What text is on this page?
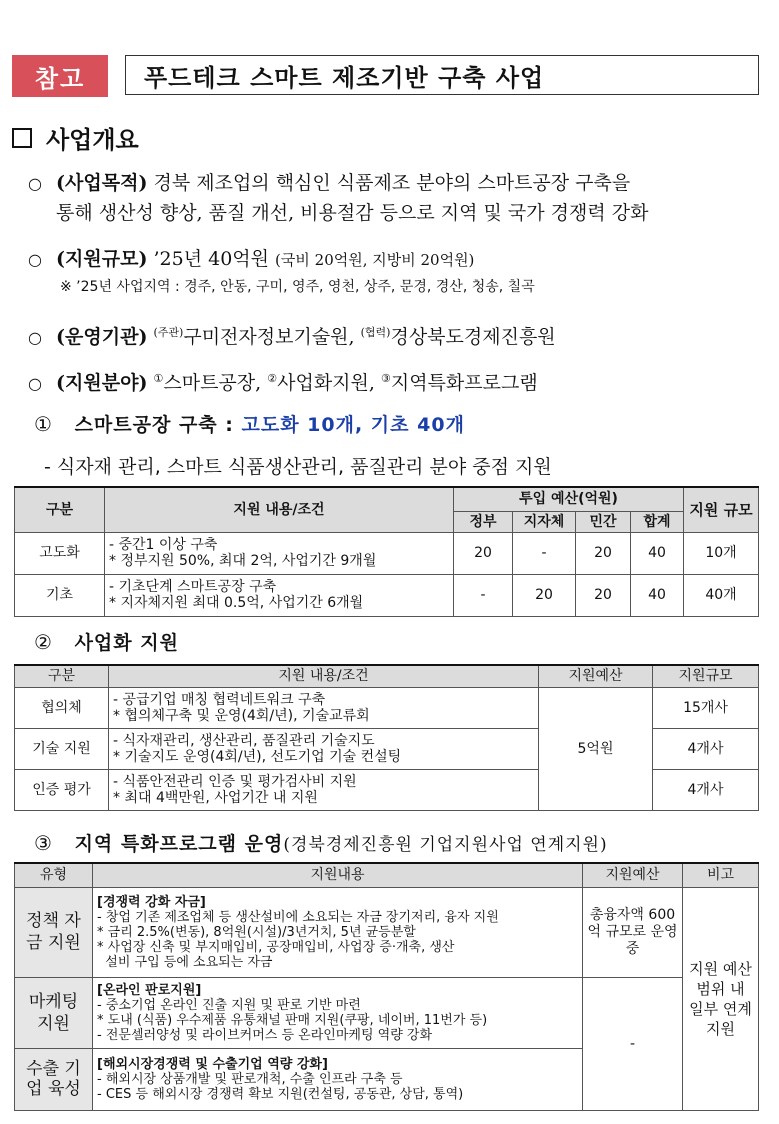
참고	푸드테크 스마트 제조기반 구축 사업
사업개요
○ (사업목적) 경북 제조업의 핵심인 식품제조 분야의 스마트공장 구축을
통해 생산성 향상, 품질 개선, 비용절감 등으로 지역 및 국가 경쟁력 강화
○ (지원규모) ’25년 40억원 (국비 20억원, 지방비 20억원)
※ ’25년 사업지역 : 경주, 안동, 구미, 영주, 영천, 상주, 문경, 경산, 청송, 칠곡
○ (운영기관) $^{(주관)}$구미전자정보기술원, $^{(협력)}$경상북도경제진흥원
○ (지원분야) ①스마트공장, ②사업화지원, ③지역특화프로그램
① 스마트공장 구축 : 고도화 10개, 기초 40개
- 식자재 관리, 스마트 식품생산관리, 품질관리 분야 중점 지원
구분	지원 내용/조건	투입 예산(억원)				지원 규모
		정부	지자체	민간	합계	
고도화	- 중간1 이상 구축
* 정부지원 50%, 최대 2억, 사업기간 9개월	20	-	20	40	10개
기초	- 기초단계 스마트공장 구축
* 지자체지원 최대 0.5억, 사업기간 6개월	-	20	20	40	40개
② 사업화 지원
구분	지원 내용/조건	지원예산	지원규모
협의체	- 공급기업 매칭 협력네트워크 구축
* 협의체구축 및 운영(4회/년), 기술교류회	5억원	15개사
기술 지원	- 식자재관리, 생산관리, 품질관리 기술지도
* 기술지도 운영(4회/년), 선도기업 기술 컨설팅		4개사
인증 평가	- 식품안전관리 인증 및 평가검사비 지원
* 최대 4백만원, 사업기간 내 지원		4개사
③ 지역 특화프로그램 운영(경북경제진흥원 기업지원사업 연계지원)
유형	지원내용	지원예산	비고
정책 자금 지원	[경쟁력 강화 자금]
- 창업 기존 제조업체 등 생산설비에 소요되는 자금 장기저리, 융자 지원
* 금리 2.5%(변동), 8억원(시설)/3년거치, 5년 균등분할
* 사업장 신축 및 부지매입비, 공장매입비, 사업장 증·개축, 생산
설비 구입 등에 소요되는 자금	총융자액 600억 규모로 운영 중	지원 예산 범위 내 일부 연계 지원
마케팅 지원	[온라인 판로지원]
- 중소기업 온라인 진출 지원 및 판로 기반 마련
* 도내 (식품) 우수제품 유통채널 판매 지원(쿠팡, 네이버, 11번가 등)
- 전문셀러양성 및 라이브커머스 등 온라인마케팅 역량 강화	-	
수출 기업 육성	[해외시장경쟁력 및 수출기업 역량 강화]
- 해외시장 상품개발 및 판로개척, 수출 인프라 구축 등
- CES 등 해외시장 경쟁력 확보 지원(컨설팅, 공동관, 상담, 통역)		
